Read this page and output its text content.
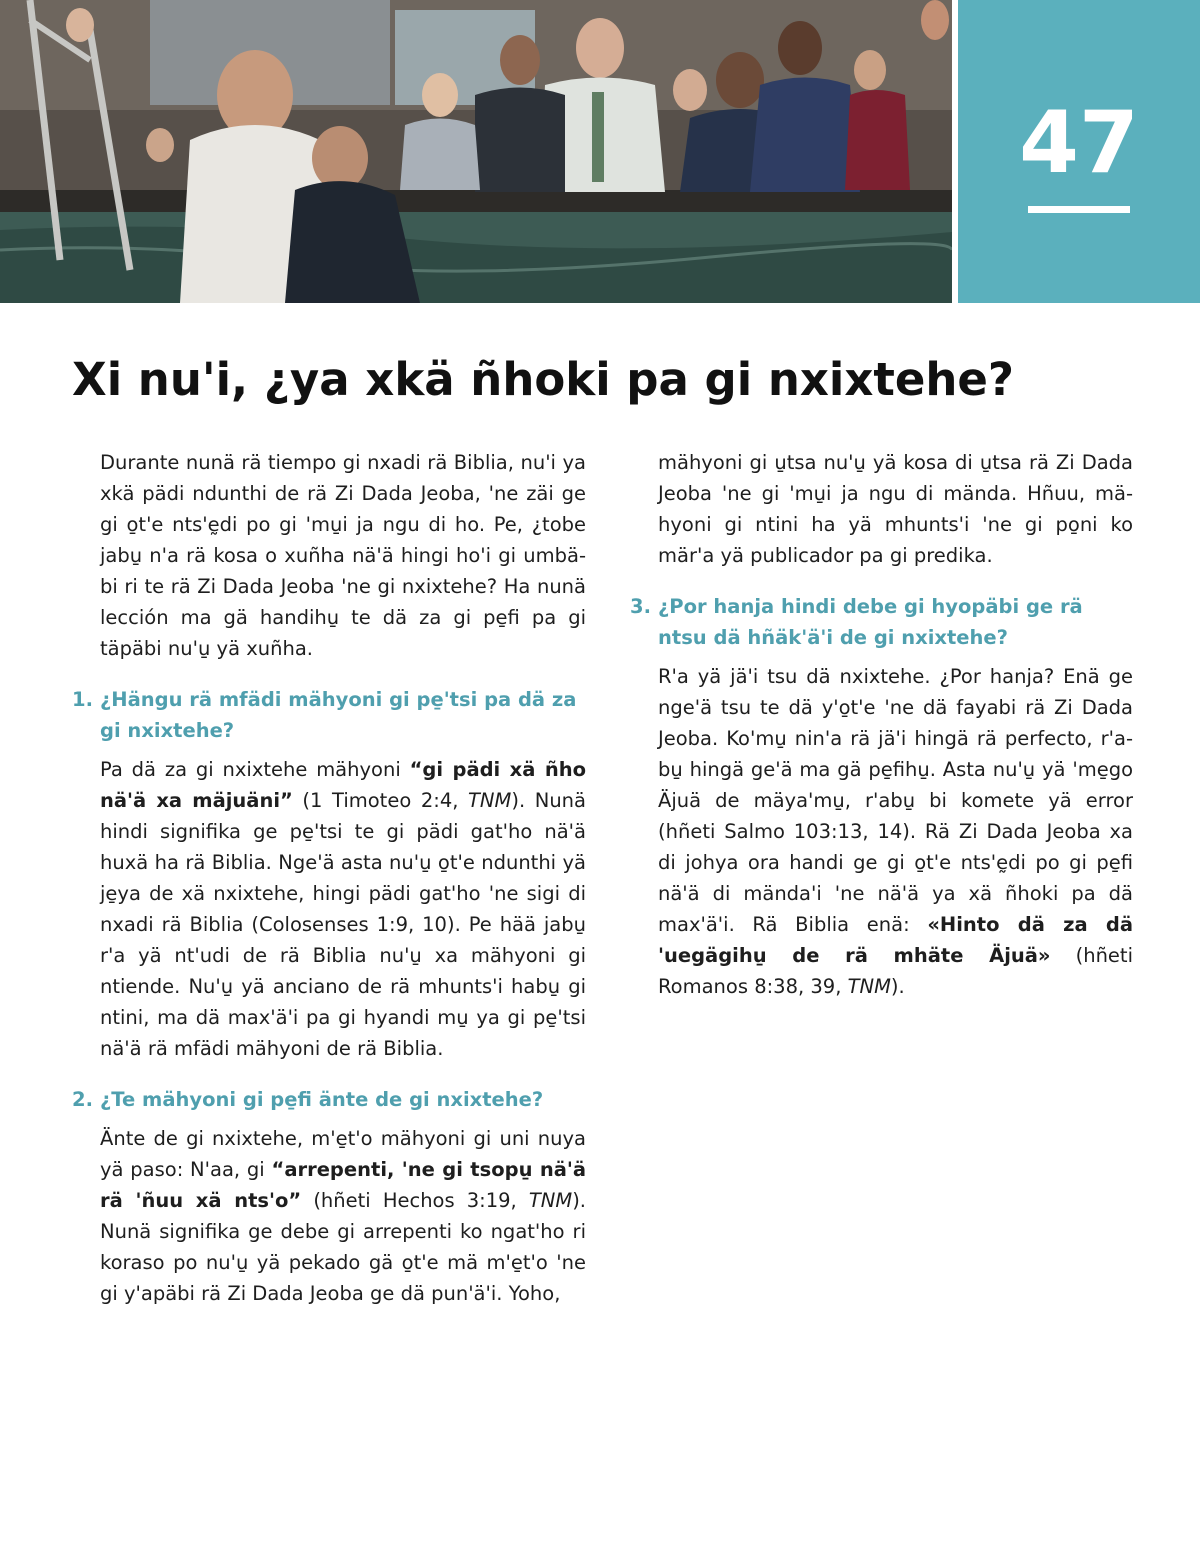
47
Xi nu'i, ¿ya xkä ñhoki pa gi nxixtehe?

Durante nunä rä tiempo gi nxadi rä Biblia, nu'i ya xkä pädi ndunthi de rä Zi Dada Jeoba, 'ne zäi ge gi o̱t'e nts'ḛdi po gi 'mu̱i ja ngu di ho. Pe, ¿tobe jabu̱ n'a rä kosa o xuñha nä'ä hingi ho'i gi umbäbi ri te rä Zi Dada Jeoba 'ne gi nxixtehe? Ha nunä lección ma gä handihu̱ te dä za gi pe̱fi pa gi täpäbi nu'u̱ yä xuñha.

1. ¿Hängu rä mfädi mähyoni gi pe̱'tsi pa dä za gi nxixtehe?

Pa dä za gi nxixtehe mähyoni “gi pädi xä ñho nä'ä xa mäjuäni” (1 Timoteo 2:4, TNM). Nunä hindi signifika ge pe̱'tsi te gi pädi gat'ho nä'ä huxä ha rä Biblia. Nge'ä asta nu'u̱ o̱t'e ndunthi yä je̱ya de xä nxixtehe, hingi pädi gat'ho 'ne sigi di nxadi rä Biblia (Colosenses 1:9, 10). Pe hää jabu̱ r'a yä nt'udi de rä Biblia nu'u̱ xa mähyoni gi ntiende. Nu'u̱ yä anciano de rä mhunts'i habu̱ gi ntini, ma dä max'ä'i pa gi hyandi mu̱ ya gi pe̱'tsi nä'ä rä mfädi mähyoni de rä Biblia.

2. ¿Te mähyoni gi pe̱fi änte de gi nxixtehe?

Änte de gi nxixtehe, m'e̱t'o mähyoni gi uni nuya yä paso: N'aa, gi “arrepenti, 'ne gi tsopu̱ nä'ä rä 'ñuu xä nts'o” (hñeti Hechos 3:19, TNM). Nunä signifika ge debe gi arrepenti ko ngat'ho ri koraso po nu'u̱ yä pekado gä o̱t'e mä m'e̱t'o 'ne gi y'apäbi rä Zi Dada Jeoba ge dä pun'ä'i. Yoho,

mähyoni gi u̱tsa nu'u̱ yä kosa di u̱tsa rä Zi Dada Jeoba 'ne gi 'mu̱i ja ngu di mända. Hñuu, mähyoni gi ntini ha yä mhunts'i 'ne gi po̱ni ko mär'a yä publicador pa gi predika.

3. ¿Por hanja hindi debe gi hyopäbi ge rä ntsu dä hñäk'ä'i de gi nxixtehe?

R'a yä jä'i tsu dä nxixtehe. ¿Por hanja? Enä ge nge'ä tsu te dä y'o̱t'e 'ne dä fayabi rä Zi Dada Jeoba. Ko'mu̱ nin'a rä jä'i hingä rä perfecto, r'abu̱ hingä ge'ä ma gä pe̱fihu̱. Asta nu'u̱ yä 'me̱go Äjuä de mäya'mu̱, r'abu̱ bi komete yä error (hñeti Salmo 103:13, 14). Rä Zi Dada Jeoba xa di johya ora handi ge gi o̱t'e nts'ḛdi po gi pe̱fi nä'ä di mända'i 'ne nä'ä ya xä ñhoki pa dä max'ä'i. Rä Biblia enä: «Hinto dä za dä 'uegägihu̱ de rä mhäte Äjuä» (hñeti Romanos 8:38, 39, TNM).
